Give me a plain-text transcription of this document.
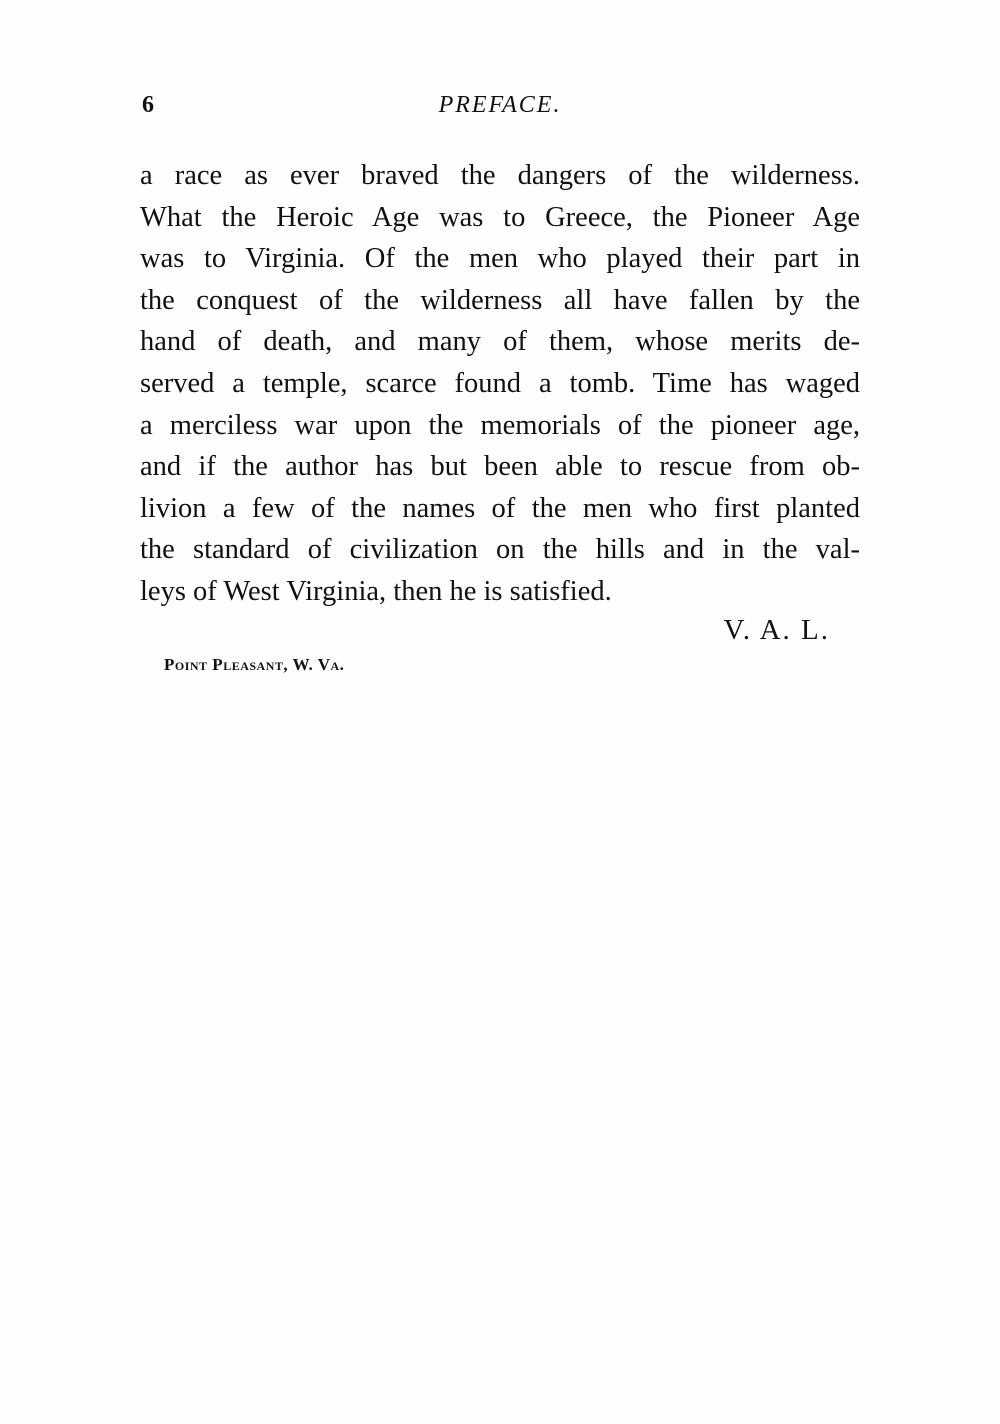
6	PREFACE.
a race as ever braved the dangers of the wilderness.
What the Heroic Age was to Greece, the Pioneer Age
was to Virginia. Of the men who played their part in
the conquest of the wilderness all have fallen by the
hand of death, and many of them, whose merits de-
served a temple, scarce found a tomb. Time has waged
a merciless war upon the memorials of the pioneer age,
and if the author has but been able to rescue from ob-
livion a few of the names of the men who first planted
the standard of civilization on the hills and in the val-
leys of West Virginia, then he is satisfied.
V. A. L.
Point Pleasant, W. Va.
